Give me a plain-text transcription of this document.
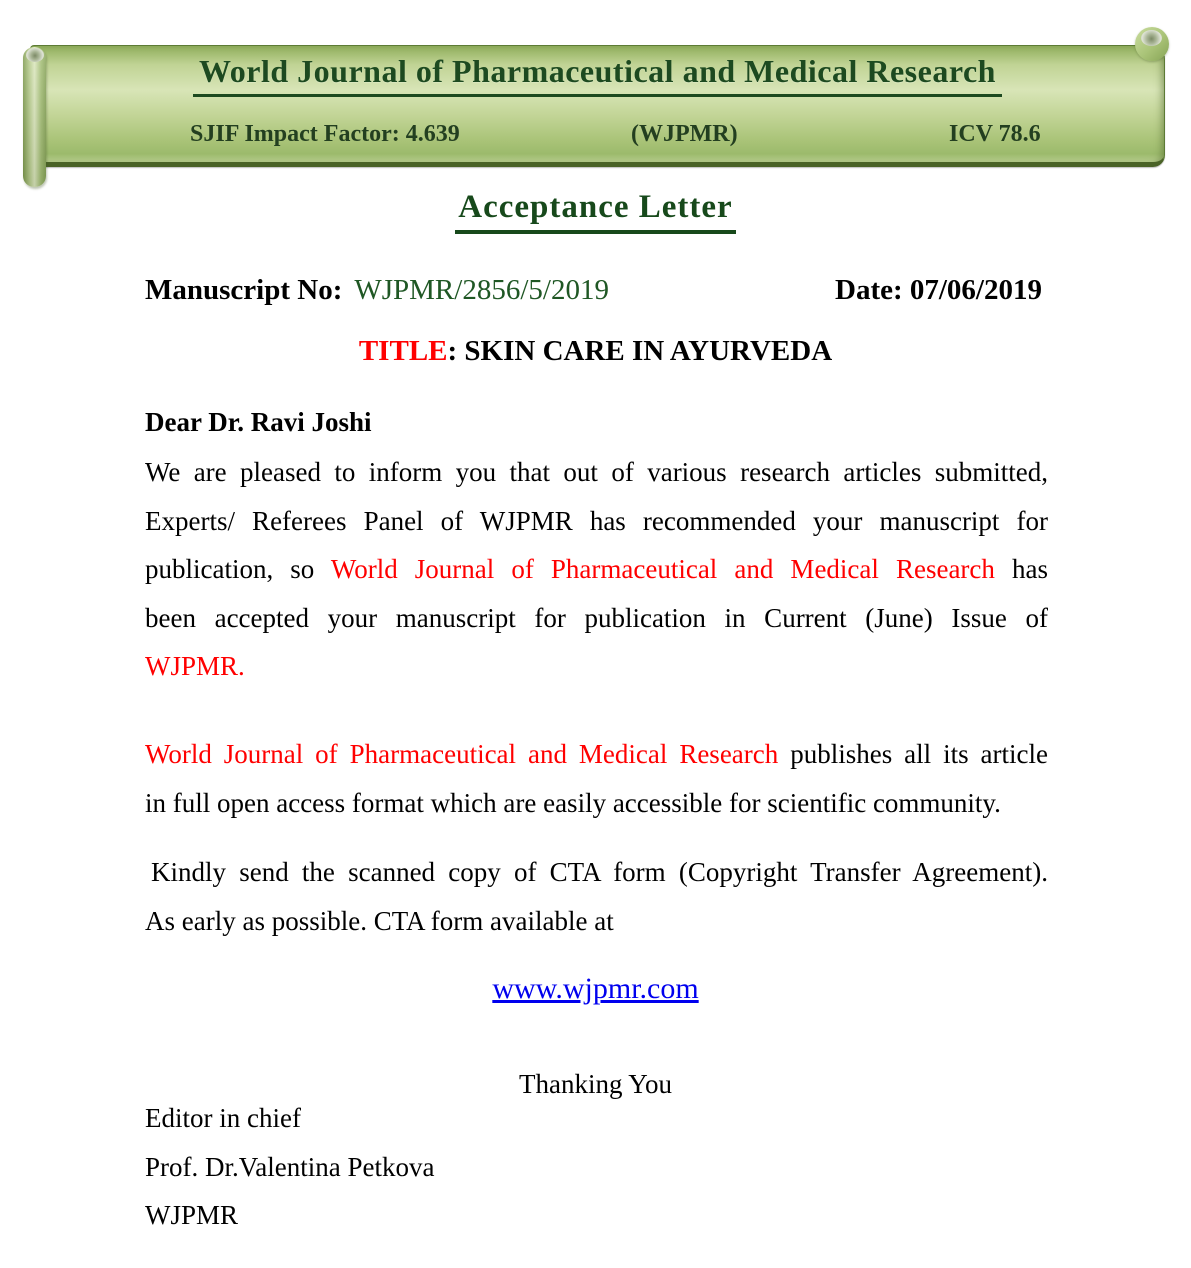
World Journal of Pharmaceutical and Medical Research
SJIF Impact Factor: 4.639	(WJPMR)	ICV 78.6
Acceptance Letter
Manuscript No: WJPMR/2856/5/2019	Date: 07/06/2019
TITLE: SKIN CARE IN AYURVEDA
Dear Dr. Ravi Joshi
We are pleased to inform you that out of various research articles submitted,
Experts/ Referees Panel of WJPMR has recommended your manuscript for
publication, so World Journal of Pharmaceutical and Medical Research has
been accepted your manuscript for publication in Current (June) Issue of
WJPMR.
World Journal of Pharmaceutical and Medical Research publishes all its article
in full open access format which are easily accessible for scientific community.
Kindly send the scanned copy of CTA form (Copyright Transfer Agreement).
As early as possible. CTA form available at
www.wjpmr.com
Thanking You
Editor in chief
Prof. Dr.Valentina Petkova
WJPMR
